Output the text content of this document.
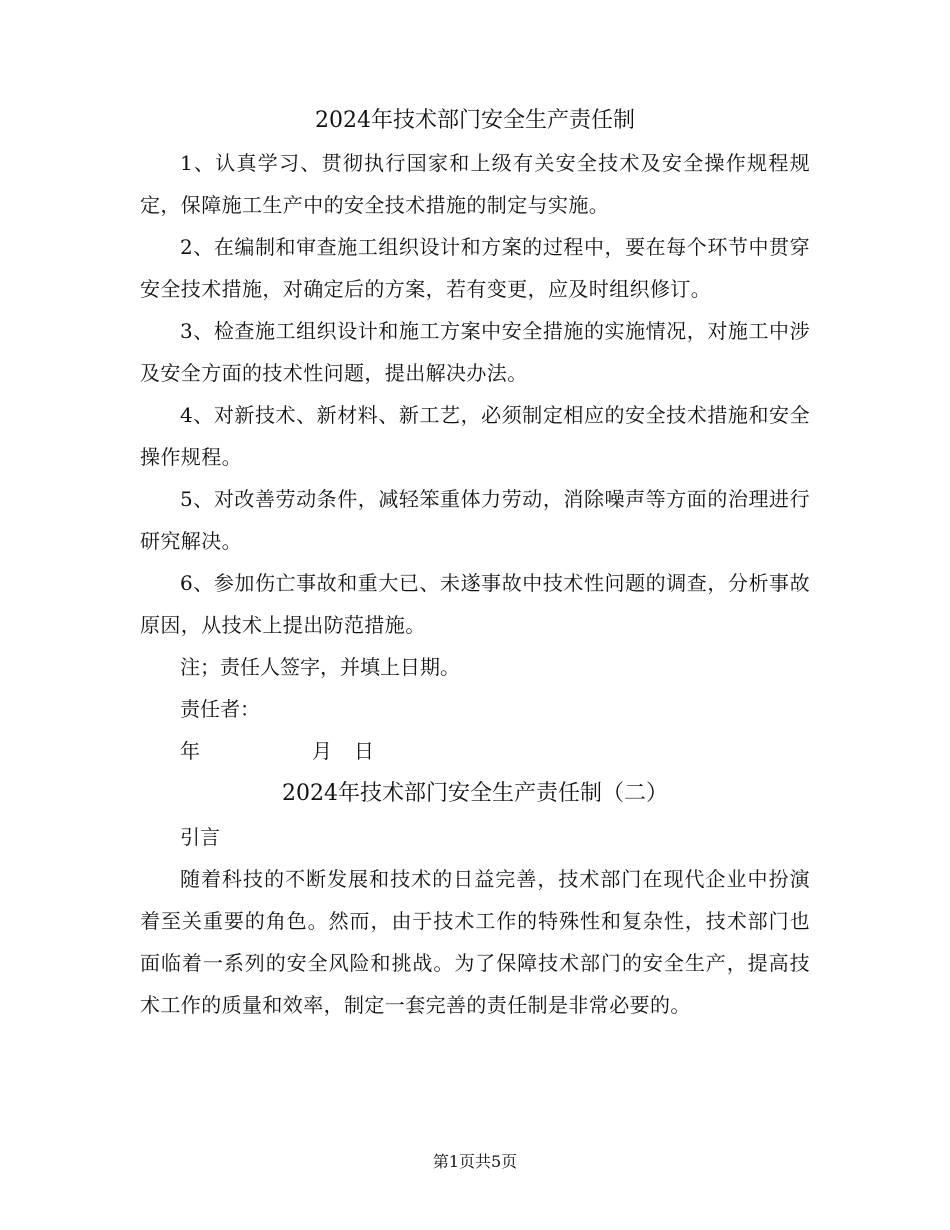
2024年技术部门安全生产责任制

1、认真学习、贯彻执行国家和上级有关安全技术及安全操作规程规定，保障施工生产中的安全技术措施的制定与实施。

2、在编制和审查施工组织设计和方案的过程中，要在每个环节中贯穿安全技术措施，对确定后的方案，若有变更，应及时组织修订。

3、检查施工组织设计和施工方案中安全措施的实施情况，对施工中涉及安全方面的技术性问题，提出解决办法。

4、对新技术、新材料、新工艺，必须制定相应的安全技术措施和安全操作规程。

5、对改善劳动条件，减轻笨重体力劳动，消除噪声等方面的治理进行研究解决。

6、参加伤亡事故和重大已、未遂事故中技术性问题的调查，分析事故原因，从技术上提出防范措施。

注；责任人签字，并填上日期。

责任者：

年	月 日

2024年技术部门安全生产责任制（二）

引言

随着科技的不断发展和技术的日益完善，技术部门在现代企业中扮演着至关重要的角色。然而，由于技术工作的特殊性和复杂性，技术部门也面临着一系列的安全风险和挑战。为了保障技术部门的安全生产，提高技术工作的质量和效率，制定一套完善的责任制是非常必要的。

第1页共5页
